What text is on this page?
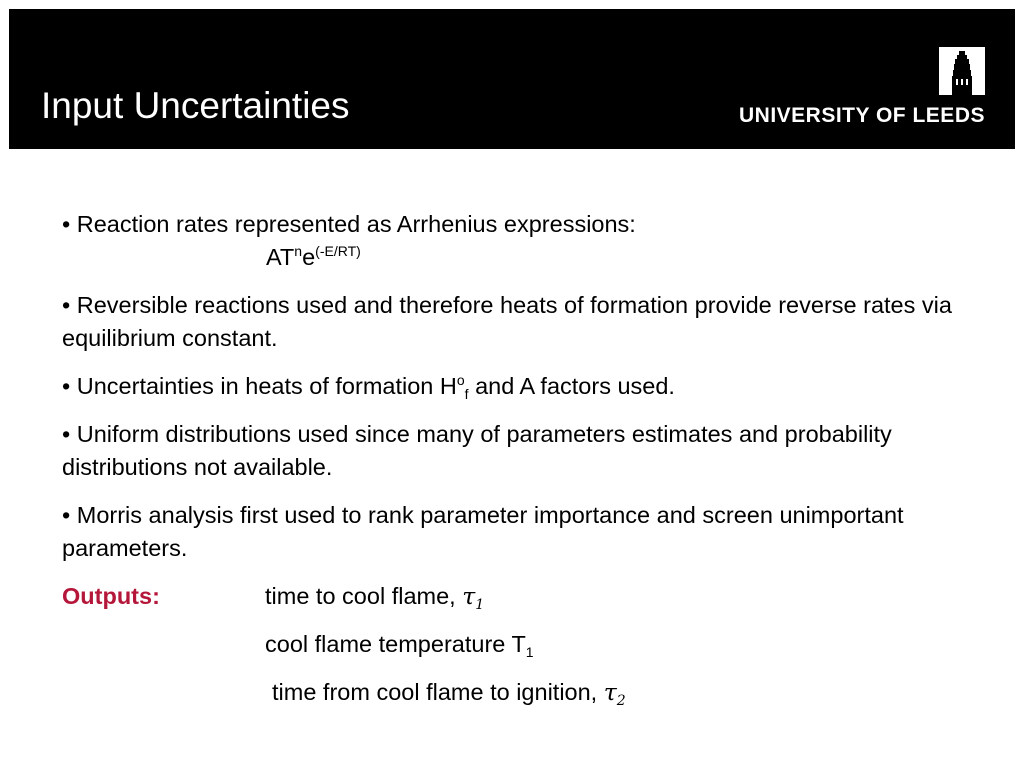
Input Uncertainties	UNIVERSITY OF LEEDS

• Reaction rates represented as Arrhenius expressions:

$AT^ne^{(-E/RT)}$

• Reversible reactions used and therefore heats of formation provide reverse rates via equilibrium constant.

• Uncertainties in heats of formation $H^o_f$ and A factors used.

• Uniform distributions used since many of parameters estimates and probability distributions not available.

• Morris analysis first used to rank parameter importance and screen unimportant parameters.

Outputs:	time to cool flame, $\tau_1$
cool flame temperature $T_1$
time from cool flame to ignition, $\tau_2$
